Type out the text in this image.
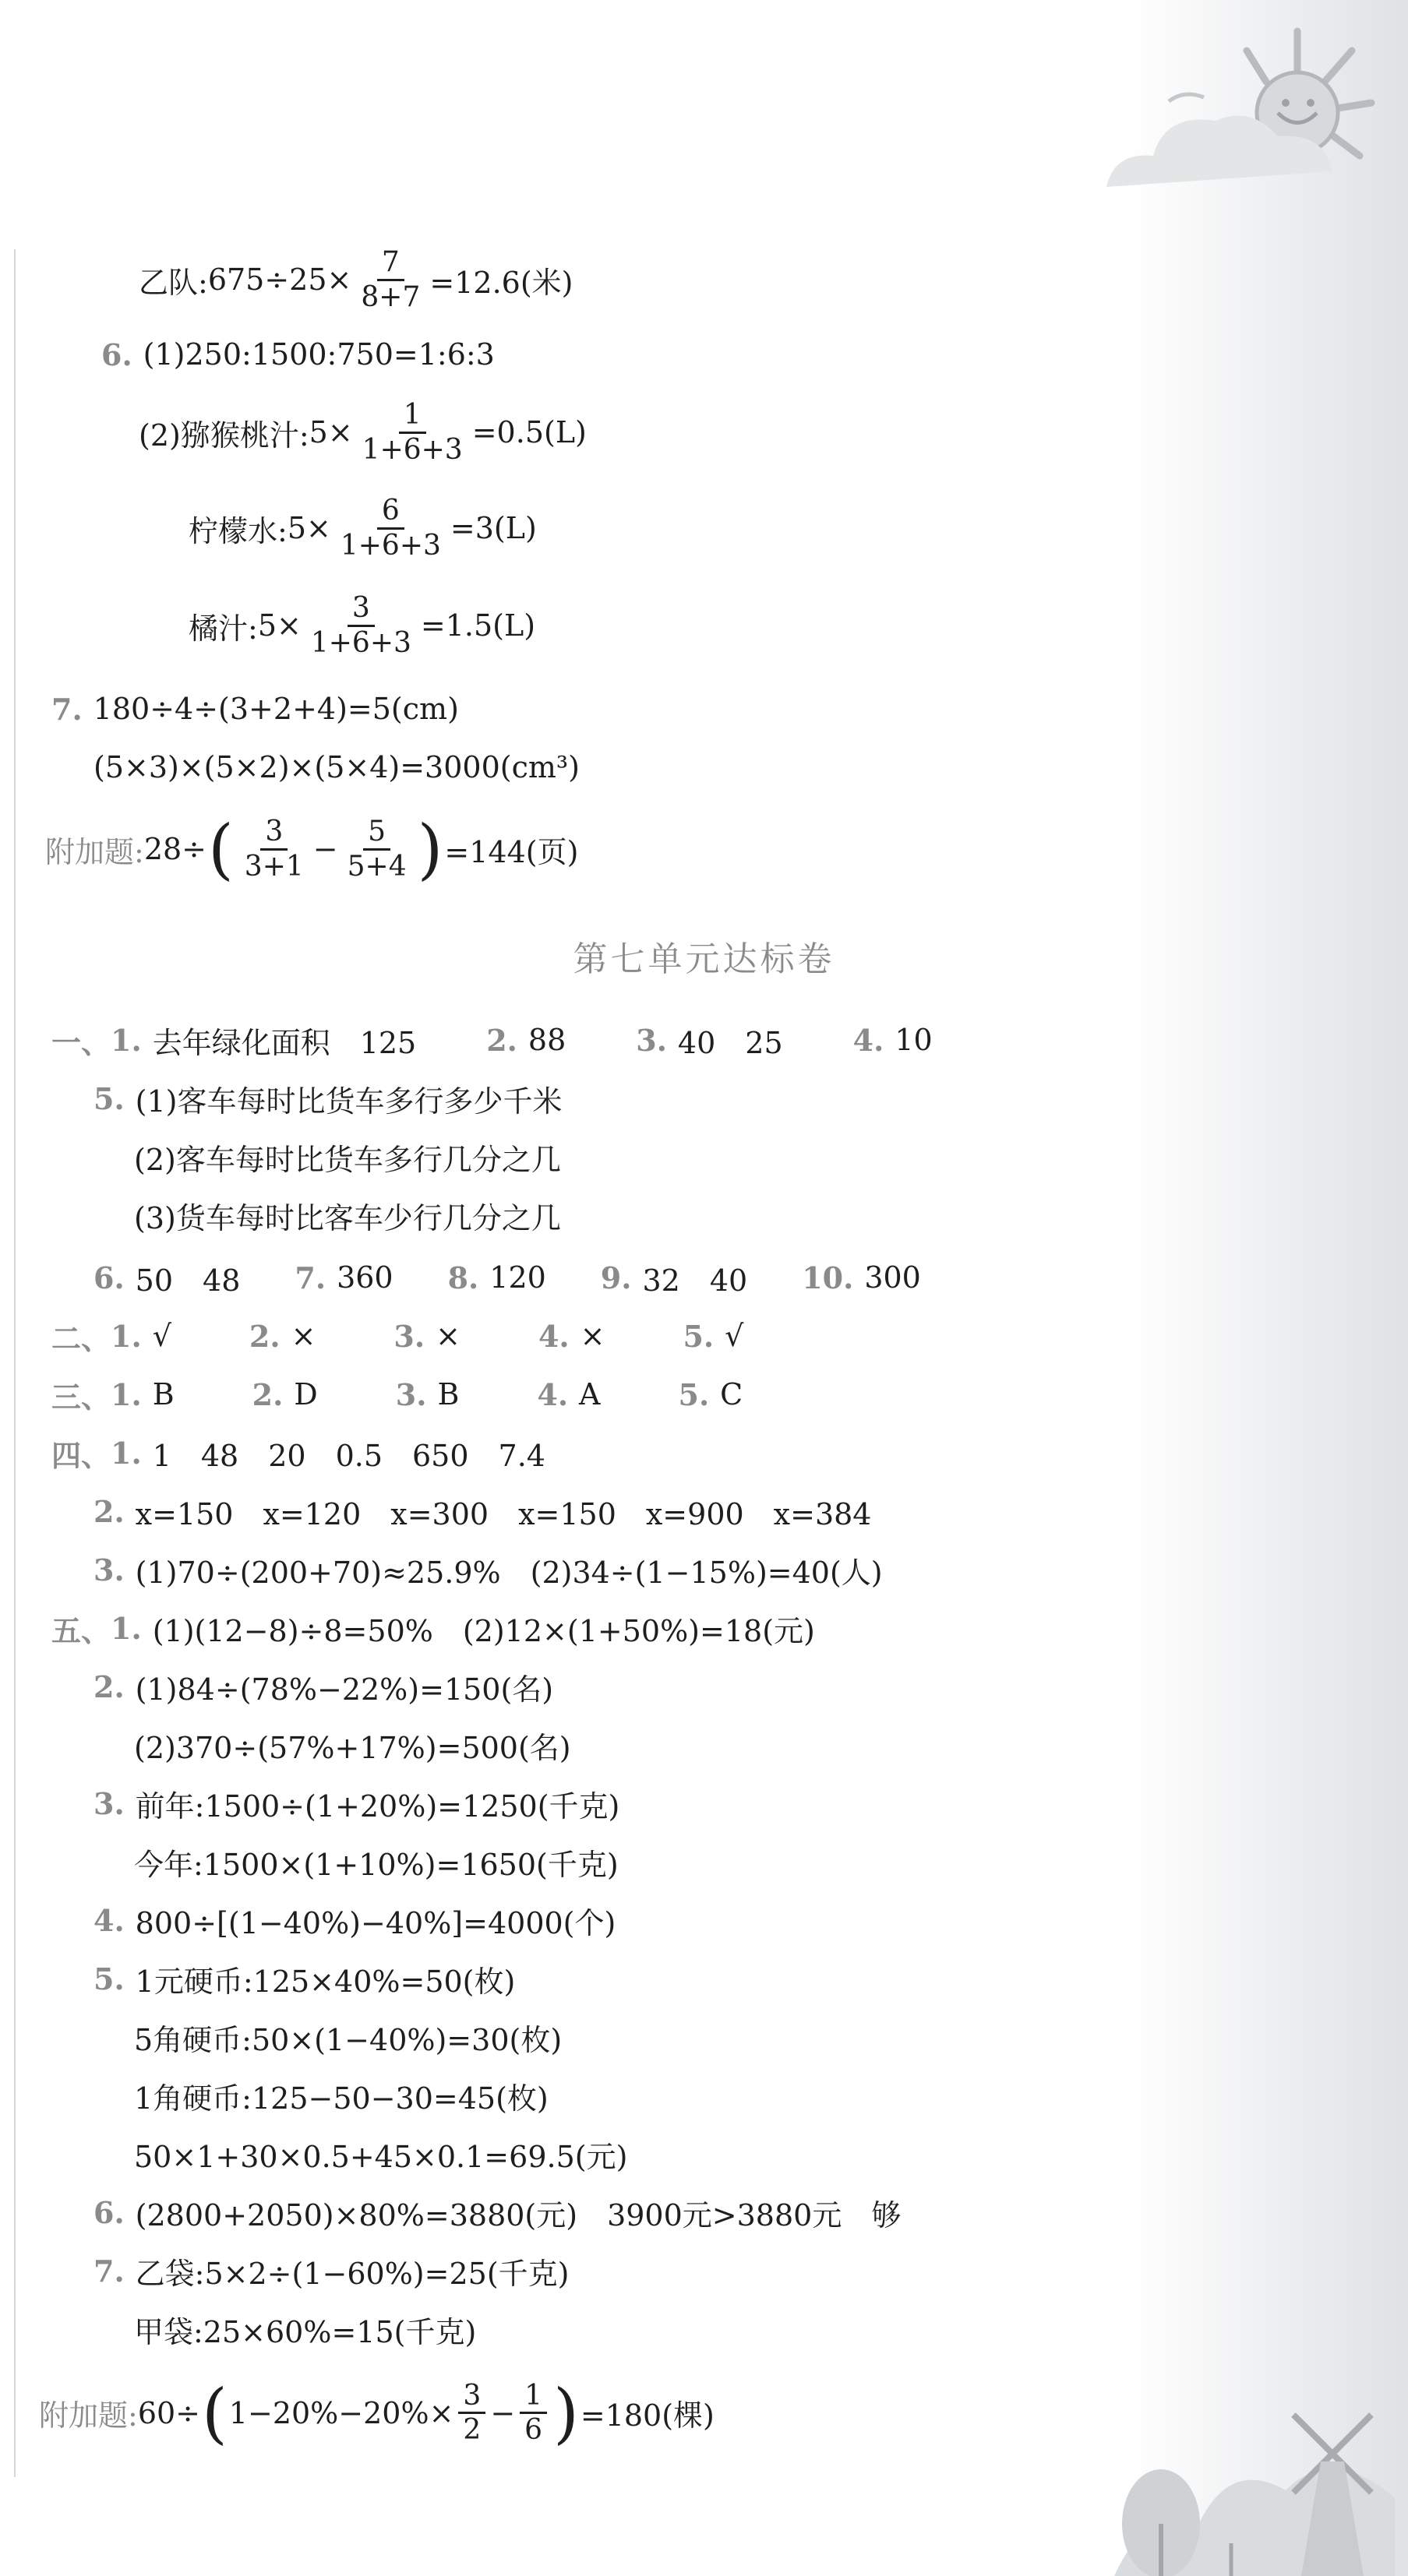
乙队: $675\div 25\times \frac{7}{8+7} =12.6$(米)
6. (1)250:1500:750=1:6:3
(2)猕猴桃汁: $5\times \frac{1}{1+6+3} =0.5(L)$
柠檬水: $5\times \frac{6}{1+6+3} =3(L)$
橘汁: $5\times \frac{3}{1+6+3} =1.5(L)$
7. 180÷4÷(3+2+4)=5(cm)
(5×3)×(5×2)×(5×4)=3000(cm³)
附加题: 28÷ ( $\frac{3}{3+1} - \frac{5}{5+4}$ ) =144(页)
第七单元达标卷
一、 1. 去年绿化面积　125 2. 88 3. 40　25 4. 10
5. (1)客车每时比货车多行多少千米
(2)客车每时比货车多行几分之几
(3)货车每时比客车少行几分之几
6. 50　48 7. 360 8. 120 9. 32　40 10. 300
二、 1. √	2. ×	3. ×	4. ×	5. √
三、 1. B	2. D	3. B	4. A	5. C
四、 1. 1　48　20　0.5　650　7.4
2. x=150　x=120　x=300　x=150　x=900　x=384
3. (1)70÷(200+70)≈25.9%　(2)34÷(1−15%)=40(人)
五、 1. (1)(12−8)÷8=50%　(2)12×(1+50%)=18(元)
2. (1)84÷(78%−22%)=150(名)
(2)370÷(57%+17%)=500(名)
3. 前年:1500÷(1+20%)=1250(千克)
今年:1500×(1+10%)=1650(千克)
4. 800÷[(1−40%)−40%]=4000(个)
5. 1元硬币:125×40%=50(枚)
5角硬币:50×(1−40%)=30(枚)
1角硬币:125−50−30=45(枚)
50×1+30×0.5+45×0.1=69.5(元)
6. (2800+2050)×80%=3880(元)　3900元>3880元　够
7. 乙袋:5×2÷(1−60%)=25(千克)
甲袋:25×60%=15(千克)
附加题: 60÷ ( $1-20\%-20\%\times \frac{3}{2} - \frac{1}{6}$ ) =180(棵)
